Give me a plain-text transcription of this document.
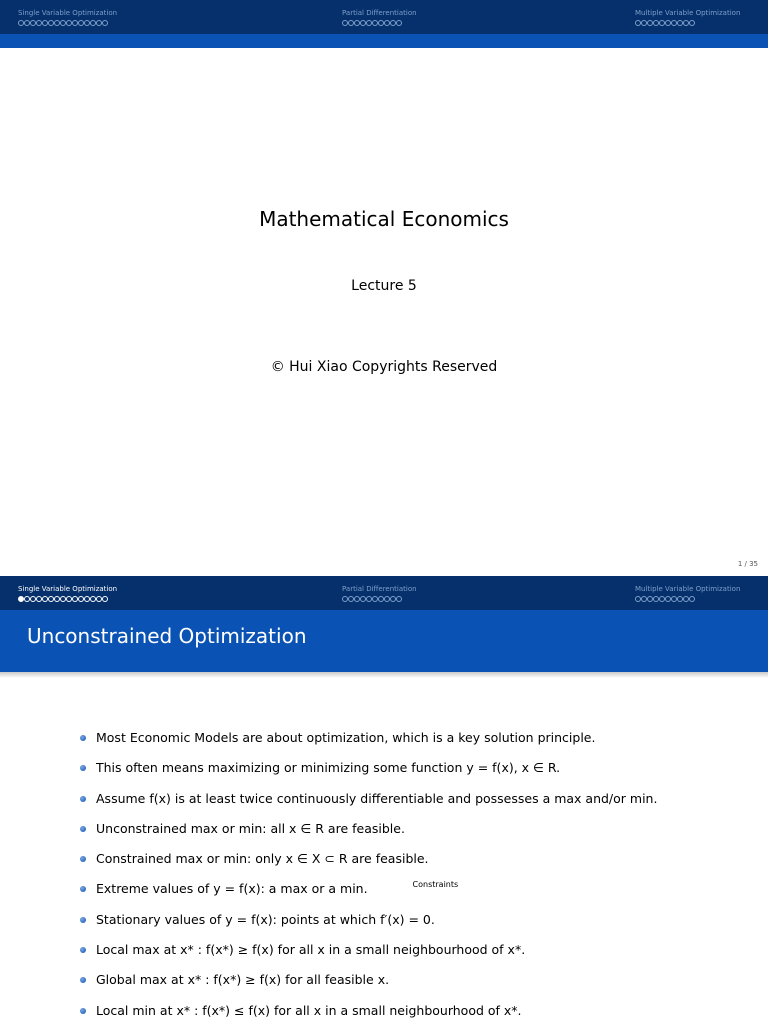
Single Variable Optimization	Partial Differentiation	Multiple Variable Optimization
Mathematical Economics
Lecture 5
© Hui Xiao Copyrights Reserved
1 / 35
Single Variable Optimization	Partial Differentiation	Multiple Variable Optimization
Unconstrained Optimization
Most Economic Models are about optimization, which is a key solution principle.
This often means maximizing or minimizing some function y = f(x), x ∈ R.
Assume f(x) is at least twice continuously differentiable and possesses a max and/or min.
Unconstrained max or min: all x ∈ R are feasible.
Constrained max or min: only x ∈ X ⊂ R are feasible.
Constraints
Extreme values of y = f(x): a max or a min.
Stationary values of y = f(x): points at which f′(x) = 0.
Local max at x* : f(x*) ≥ f(x) for all x in a small neighbourhood of x*.
Global max at x* : f(x*) ≥ f(x) for all feasible x.
Local min at x* : f(x*) ≤ f(x) for all x in a small neighbourhood of x*.
